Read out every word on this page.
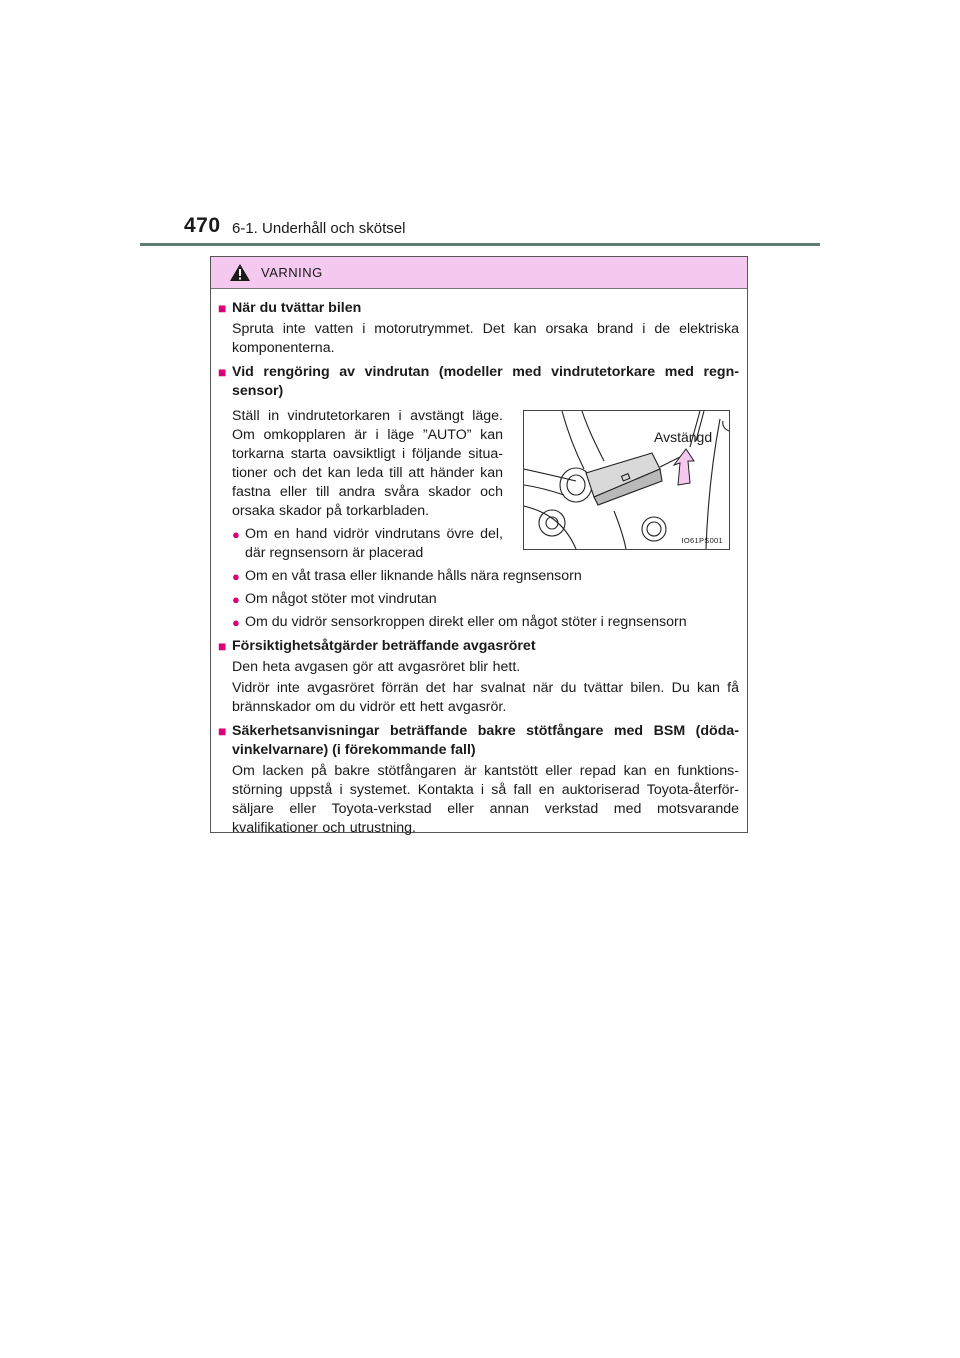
470 6-1. Underhåll och skötsel
VARNING
■ När du tvättar bilen
Spruta inte vatten i motorutrymmet. Det kan orsaka brand i de elektriska komponenterna.
■ Vid rengöring av vindrutan (modeller med vindrutetorkare med regn-sensor)
Ställ in vindrutetorkaren i avstängt läge. Om omkopplaren är i läge ”AUTO” kan torkarna starta oavsiktligt i följande situa-tioner och det kan leda till att händer kan fastna eller till andra svåra skador och orsaka skador på torkarbladen.
● Om en hand vidrör vindrutans övre del, där regnsensorn är placerad
Avstängd
IO61PS001
● Om en våt trasa eller liknande hålls nära regnsensorn
● Om något stöter mot vindrutan
● Om du vidrör sensorkroppen direkt eller om något stöter i regnsensorn
■ Försiktighetsåtgärder beträffande avgasröret
Den heta avgasen gör att avgasröret blir hett.
Vidrör inte avgasröret förrän det har svalnat när du tvättar bilen. Du kan få brännskador om du vidrör ett hett avgasrör.
■ Säkerhetsanvisningar beträffande bakre stötfångare med BSM (döda-vinkelvarnare) (i förekommande fall)
Om lacken på bakre stötfångaren är kantstött eller repad kan en funktions-störning uppstå i systemet. Kontakta i så fall en auktoriserad Toyota-återför-säljare eller Toyota-verkstad eller annan verkstad med motsvarande kvalifikationer och utrustning.
